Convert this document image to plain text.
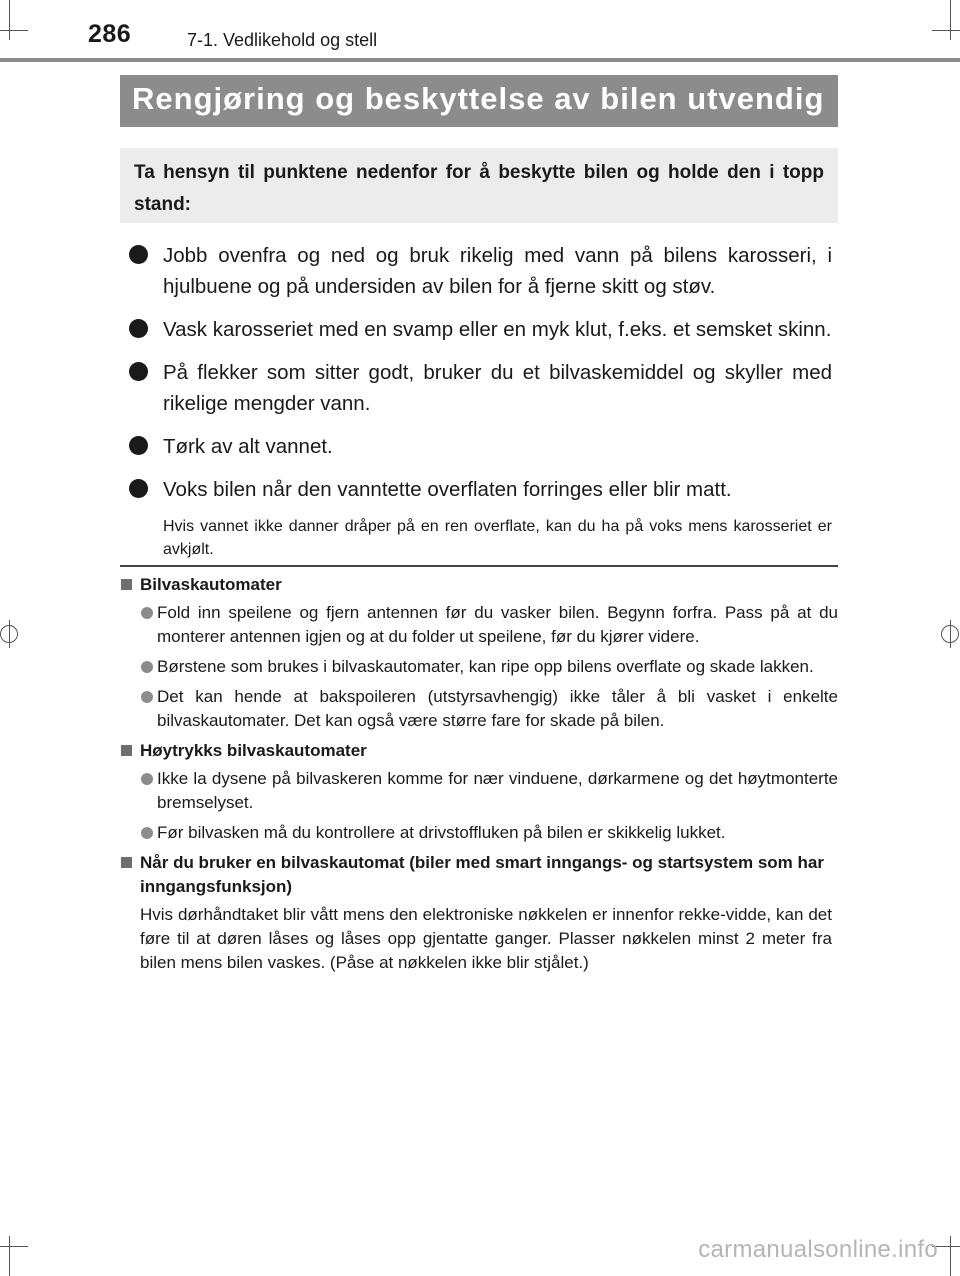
286	7-1. Vedlikehold og stell
Rengjøring og beskyttelse av bilen utvendig
Ta hensyn til punktene nedenfor for å beskytte bilen og holde den i topp stand:
Jobb ovenfra og ned og bruk rikelig med vann på bilens karosseri, i hjulbuene og på undersiden av bilen for å fjerne skitt og støv.
Vask karosseriet med en svamp eller en myk klut, f.eks. et semsket skinn.
På flekker som sitter godt, bruker du et bilvaskemiddel og skyller med rikelige mengder vann.
Tørk av alt vannet.
Voks bilen når den vanntette overflaten forringes eller blir matt.
Hvis vannet ikke danner dråper på en ren overflate, kan du ha på voks mens karosseriet er avkjølt.
Bilvaskautomater
Fold inn speilene og fjern antennen før du vasker bilen. Begynn forfra. Pass på at du monterer antennen igjen og at du folder ut speilene, før du kjører videre.
Børstene som brukes i bilvaskautomater, kan ripe opp bilens overflate og skade lakken.
Det kan hende at bakspoileren (utstyrsavhengig) ikke tåler å bli vasket i enkelte bilvaskautomater. Det kan også være større fare for skade på bilen.
Høytrykks bilvaskautomater
Ikke la dysene på bilvaskeren komme for nær vinduene, dørkarmene og det høytmonterte bremselyset.
Før bilvasken må du kontrollere at drivstoffluken på bilen er skikkelig lukket.
Når du bruker en bilvaskautomat (biler med smart inngangs- og startsystem som har inngangsfunksjon)
Hvis dørhåndtaket blir vått mens den elektroniske nøkkelen er innenfor rekke-vidde, kan det føre til at døren låses og låses opp gjentatte ganger. Plasser nøkkelen minst 2 meter fra bilen mens bilen vaskes. (Påse at nøkkelen ikke blir stjålet.)
carmanualsonline.info
